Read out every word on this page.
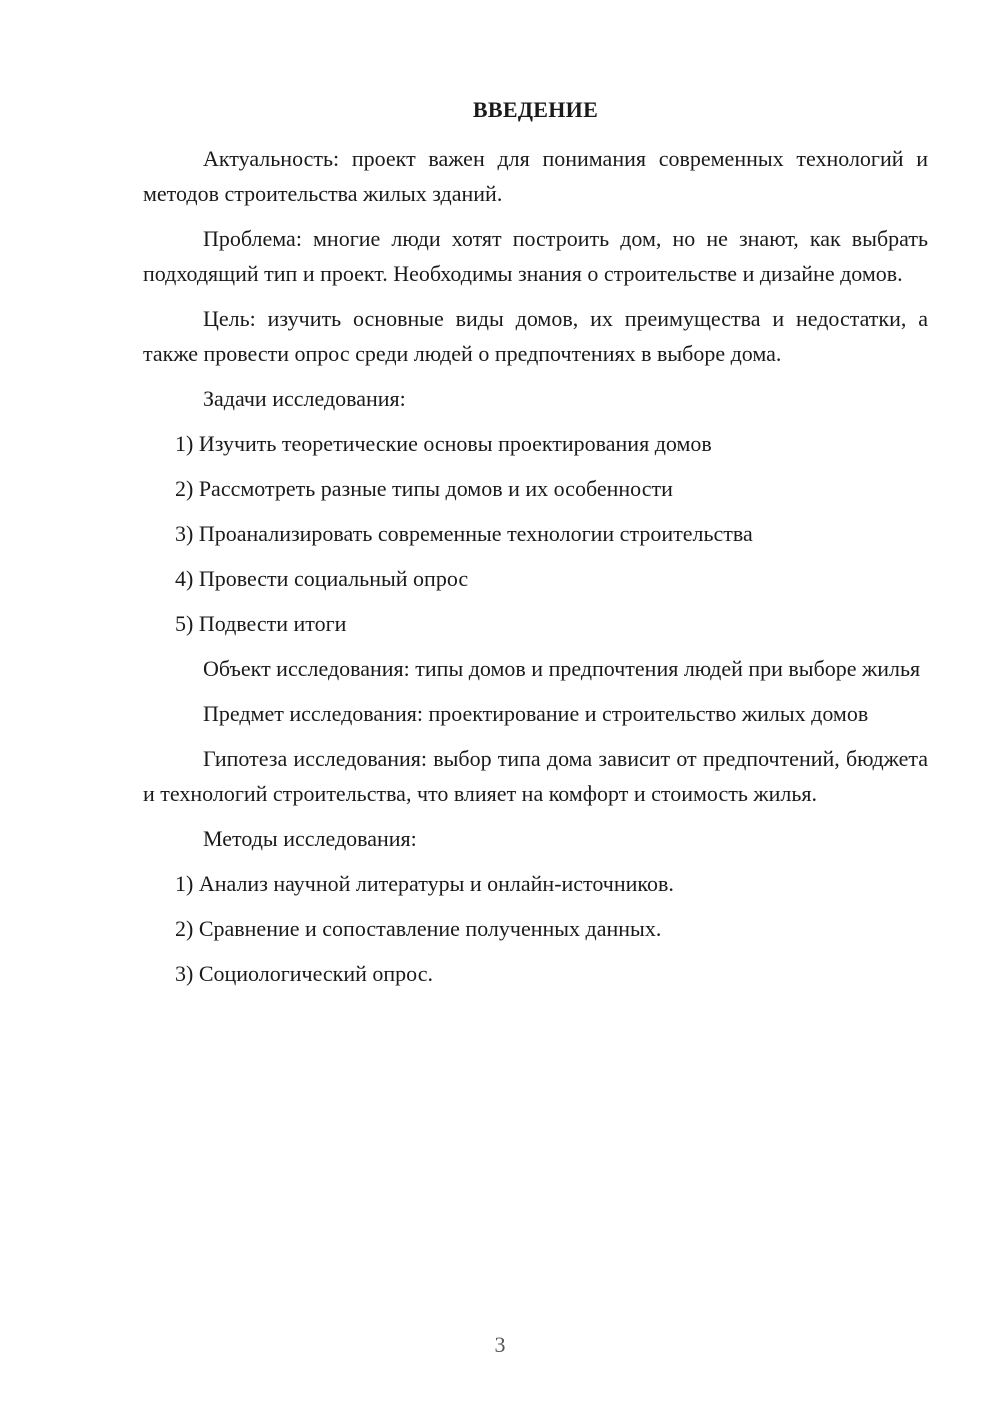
ВВЕДЕНИЕ

Актуальность: проект важен для понимания современных технологий и методов строительства жилых зданий.

Проблема: многие люди хотят построить дом, но не знают, как выбрать подходящий тип и проект. Необходимы знания о строительстве и дизайне домов.

Цель: изучить основные виды домов, их преимущества и недостатки, а также провести опрос среди людей о предпочтениях в выборе дома.

Задачи исследования:

1) Изучить теоретические основы проектирования домов
2) Рассмотреть разные типы домов и их особенности
3) Проанализировать современные технологии строительства
4) Провести социальный опрос
5) Подвести итоги

Объект исследования: типы домов и предпочтения людей при выборе жилья

Предмет исследования: проектирование и строительство жилых домов

Гипотеза исследования: выбор типа дома зависит от предпочтений, бюджета и технологий строительства, что влияет на комфорт и стоимость жилья.

Методы исследования:

1) Анализ научной литературы и онлайн-источников.
2) Сравнение и сопоставление полученных данных.
3) Социологический опрос.
3
